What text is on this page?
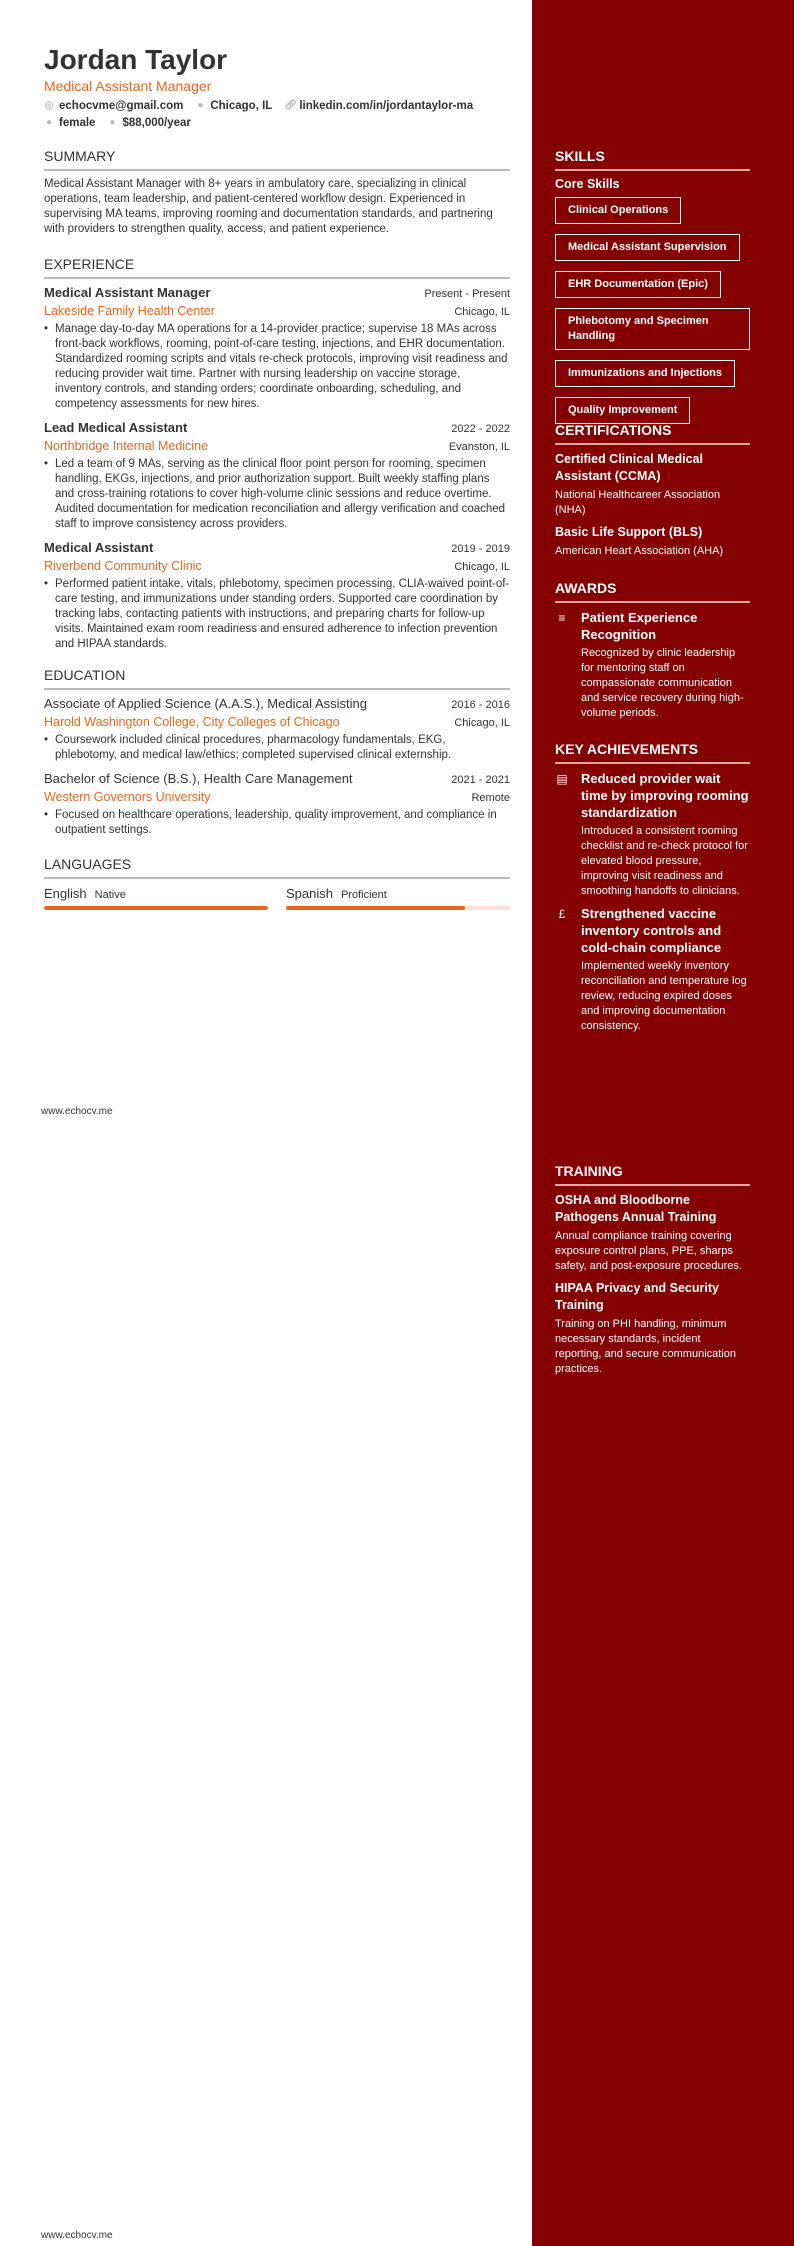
Jordan Taylor
Medical Assistant Manager
◎ echocvme@gmail.com ● Chicago, IL 🔗︎ linkedin.com/in/jordantaylor-ma
● female ● $88,000/year
SUMMARY
Medical Assistant Manager with 8+ years in ambulatory care, specializing in clinical operations, team leadership, and patient-centered workflow design. Experienced in supervising MA teams, improving rooming and documentation standards, and partnering with providers to strengthen quality, access, and patient experience.
EXPERIENCE
Medical Assistant Manager	Present - Present
Lakeside Family Health Center	Chicago, IL
• Manage day-to-day MA operations for a 14-provider practice; supervise 18 MAs across front-back workflows, rooming, point-of-care testing, injections, and EHR documentation. Standardized rooming scripts and vitals re-check protocols, improving visit readiness and reducing provider wait time. Partner with nursing leadership on vaccine storage, inventory controls, and standing orders; coordinate onboarding, scheduling, and competency assessments for new hires.
Lead Medical Assistant	2022 - 2022
Northbridge Internal Medicine	Evanston, IL
• Led a team of 9 MAs, serving as the clinical floor point person for rooming, specimen handling, EKGs, injections, and prior authorization support. Built weekly staffing plans and cross-training rotations to cover high-volume clinic sessions and reduce overtime. Audited documentation for medication reconciliation and allergy verification and coached staff to improve consistency across providers.
Medical Assistant	2019 - 2019
Riverbend Community Clinic	Chicago, IL
• Performed patient intake, vitals, phlebotomy, specimen processing, CLIA-waived point-of-care testing, and immunizations under standing orders. Supported care coordination by tracking labs, contacting patients with instructions, and preparing charts for follow-up visits. Maintained exam room readiness and ensured adherence to infection prevention and HIPAA standards.
EDUCATION
Associate of Applied Science (A.A.S.), Medical Assisting	2016 - 2016
Harold Washington College, City Colleges of Chicago	Chicago, IL
• Coursework included clinical procedures, pharmacology fundamentals, EKG, phlebotomy, and medical law/ethics; completed supervised clinical externship.
Bachelor of Science (B.S.), Health Care Management	2021 - 2021
Western Governors University	Remote
• Focused on healthcare operations, leadership, quality improvement, and compliance in outpatient settings.
LANGUAGES
English Native	Spanish Proficient
www.echocv.me
www.echocv.me
SKILLS
Core Skills
Clinical Operations
Medical Assistant Supervision
EHR Documentation (Epic)
Phlebotomy and Specimen Handling
Immunizations and Injections
Quality Improvement
CERTIFICATIONS
Certified Clinical Medical Assistant (CCMA)
National Healthcareer Association (NHA)
Basic Life Support (BLS)
American Heart Association (AHA)
AWARDS
≡ Patient Experience Recognition
Recognized by clinic leadership for mentoring staff on compassionate communication and service recovery during high-volume periods.
KEY ACHIEVEMENTS
▤ Reduced provider wait time by improving rooming standardization
Introduced a consistent rooming checklist and re-check protocol for elevated blood pressure, improving visit readiness and smoothing handoffs to clinicians.
£ Strengthened vaccine inventory controls and cold-chain compliance
Implemented weekly inventory reconciliation and temperature log review, reducing expired doses and improving documentation consistency.
TRAINING
OSHA and Bloodborne Pathogens Annual Training
Annual compliance training covering exposure control plans, PPE, sharps safety, and post-exposure procedures.
HIPAA Privacy and Security Training
Training on PHI handling, minimum necessary standards, incident reporting, and secure communication practices.
